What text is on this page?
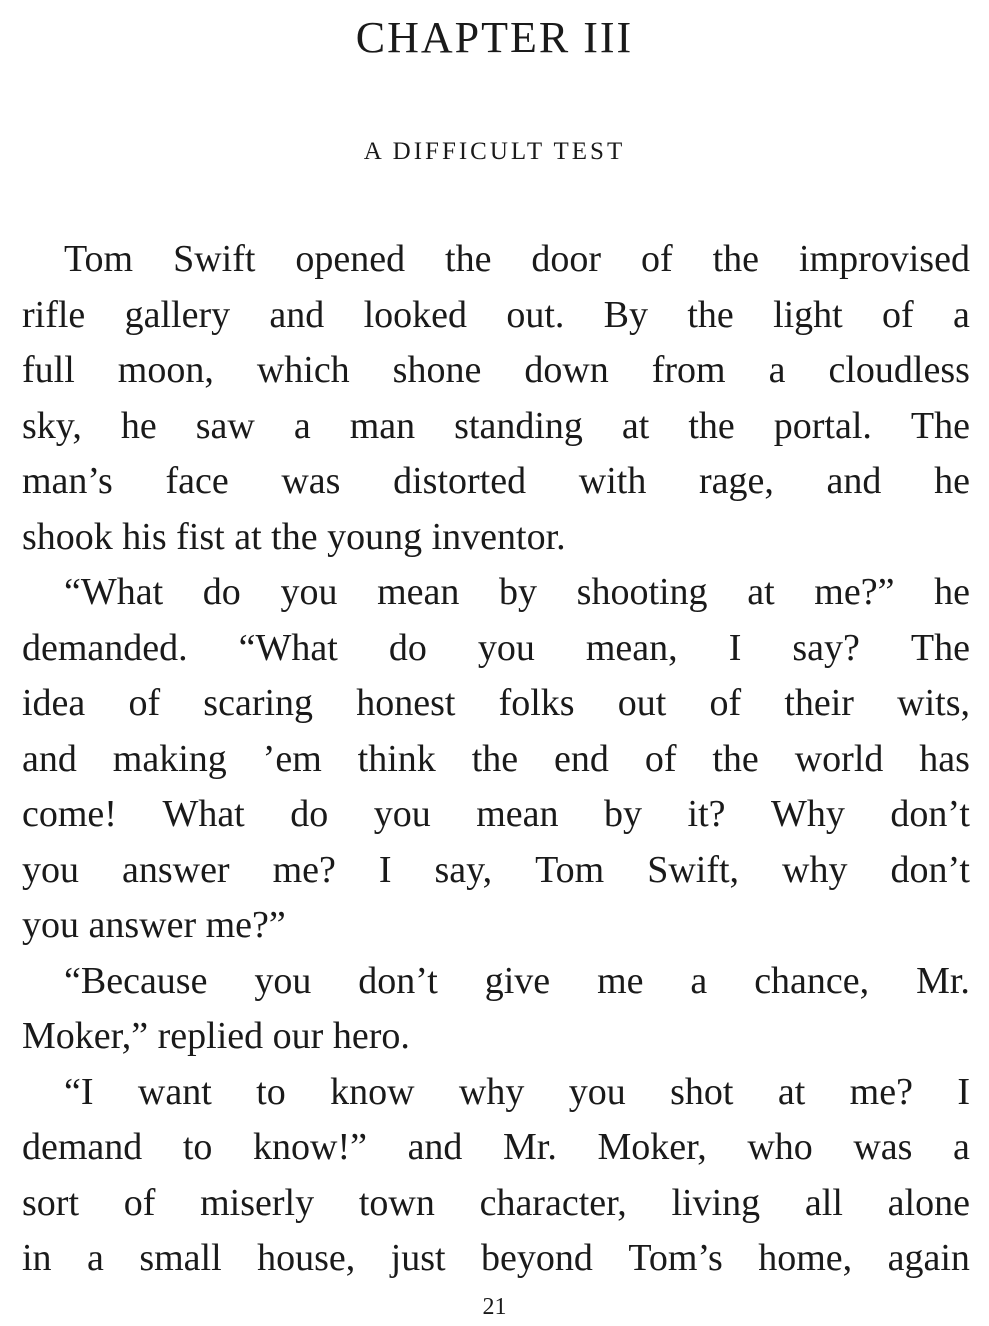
CHAPTER III
A DIFFICULT TEST
Tom Swift opened the door of the improvised
rifle gallery and looked out. By the light of a
full moon, which shone down from a cloudless
sky, he saw a man standing at the portal. The
man’s face was distorted with rage, and he
shook his fist at the young inventor.
“What do you mean by shooting at me?” he
demanded. “What do you mean, I say? The
idea of scaring honest folks out of their wits,
and making ’em think the end of the world has
come! What do you mean by it? Why don’t
you answer me? I say, Tom Swift, why don’t
you answer me?”
“Because you don’t give me a chance, Mr.
Moker,” replied our hero.
“I want to know why you shot at me? I
demand to know!” and Mr. Moker, who was a
sort of miserly town character, living all alone
in a small house, just beyond Tom’s home, again
21
